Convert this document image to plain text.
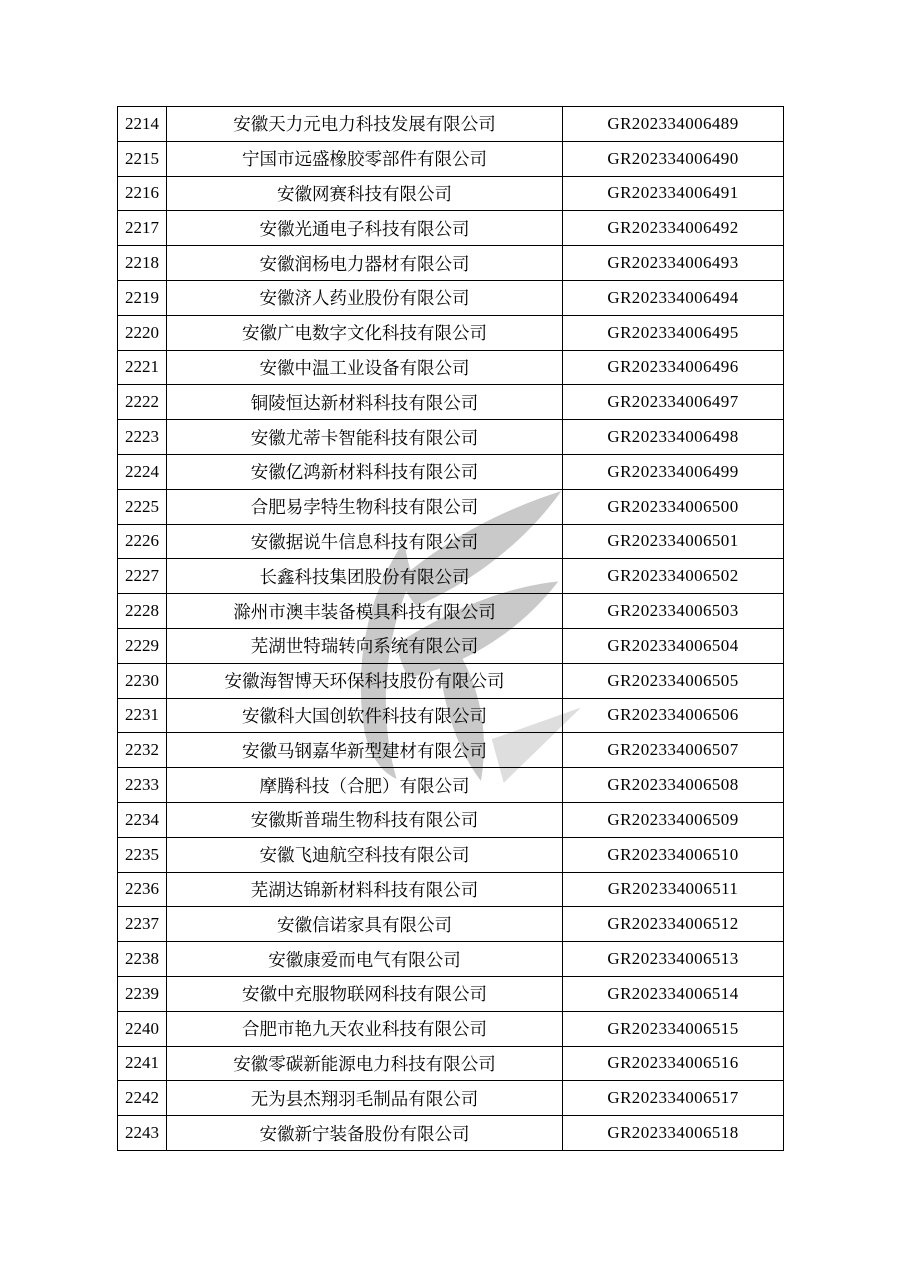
2214	安徽天力元电力科技发展有限公司	GR202334006489
2215	宁国市远盛橡胶零部件有限公司	GR202334006490
2216	安徽网赛科技有限公司	GR202334006491
2217	安徽光通电子科技有限公司	GR202334006492
2218	安徽润杨电力器材有限公司	GR202334006493
2219	安徽济人药业股份有限公司	GR202334006494
2220	安徽广电数字文化科技有限公司	GR202334006495
2221	安徽中温工业设备有限公司	GR202334006496
2222	铜陵恒达新材料科技有限公司	GR202334006497
2223	安徽尤蒂卡智能科技有限公司	GR202334006498
2224	安徽亿鸿新材料科技有限公司	GR202334006499
2225	合肥易孛特生物科技有限公司	GR202334006500
2226	安徽据说牛信息科技有限公司	GR202334006501
2227	长鑫科技集团股份有限公司	GR202334006502
2228	滁州市澳丰装备模具科技有限公司	GR202334006503
2229	芜湖世特瑞转向系统有限公司	GR202334006504
2230	安徽海智博天环保科技股份有限公司	GR202334006505
2231	安徽科大国创软件科技有限公司	GR202334006506
2232	安徽马钢嘉华新型建材有限公司	GR202334006507
2233	摩腾科技（合肥）有限公司	GR202334006508
2234	安徽斯普瑞生物科技有限公司	GR202334006509
2235	安徽飞迪航空科技有限公司	GR202334006510
2236	芜湖达锦新材料科技有限公司	GR202334006511
2237	安徽信诺家具有限公司	GR202334006512
2238	安徽康爱而电气有限公司	GR202334006513
2239	安徽中充服物联网科技有限公司	GR202334006514
2240	合肥市艳九天农业科技有限公司	GR202334006515
2241	安徽零碳新能源电力科技有限公司	GR202334006516
2242	无为县杰翔羽毛制品有限公司	GR202334006517
2243	安徽新宁装备股份有限公司	GR202334006518
